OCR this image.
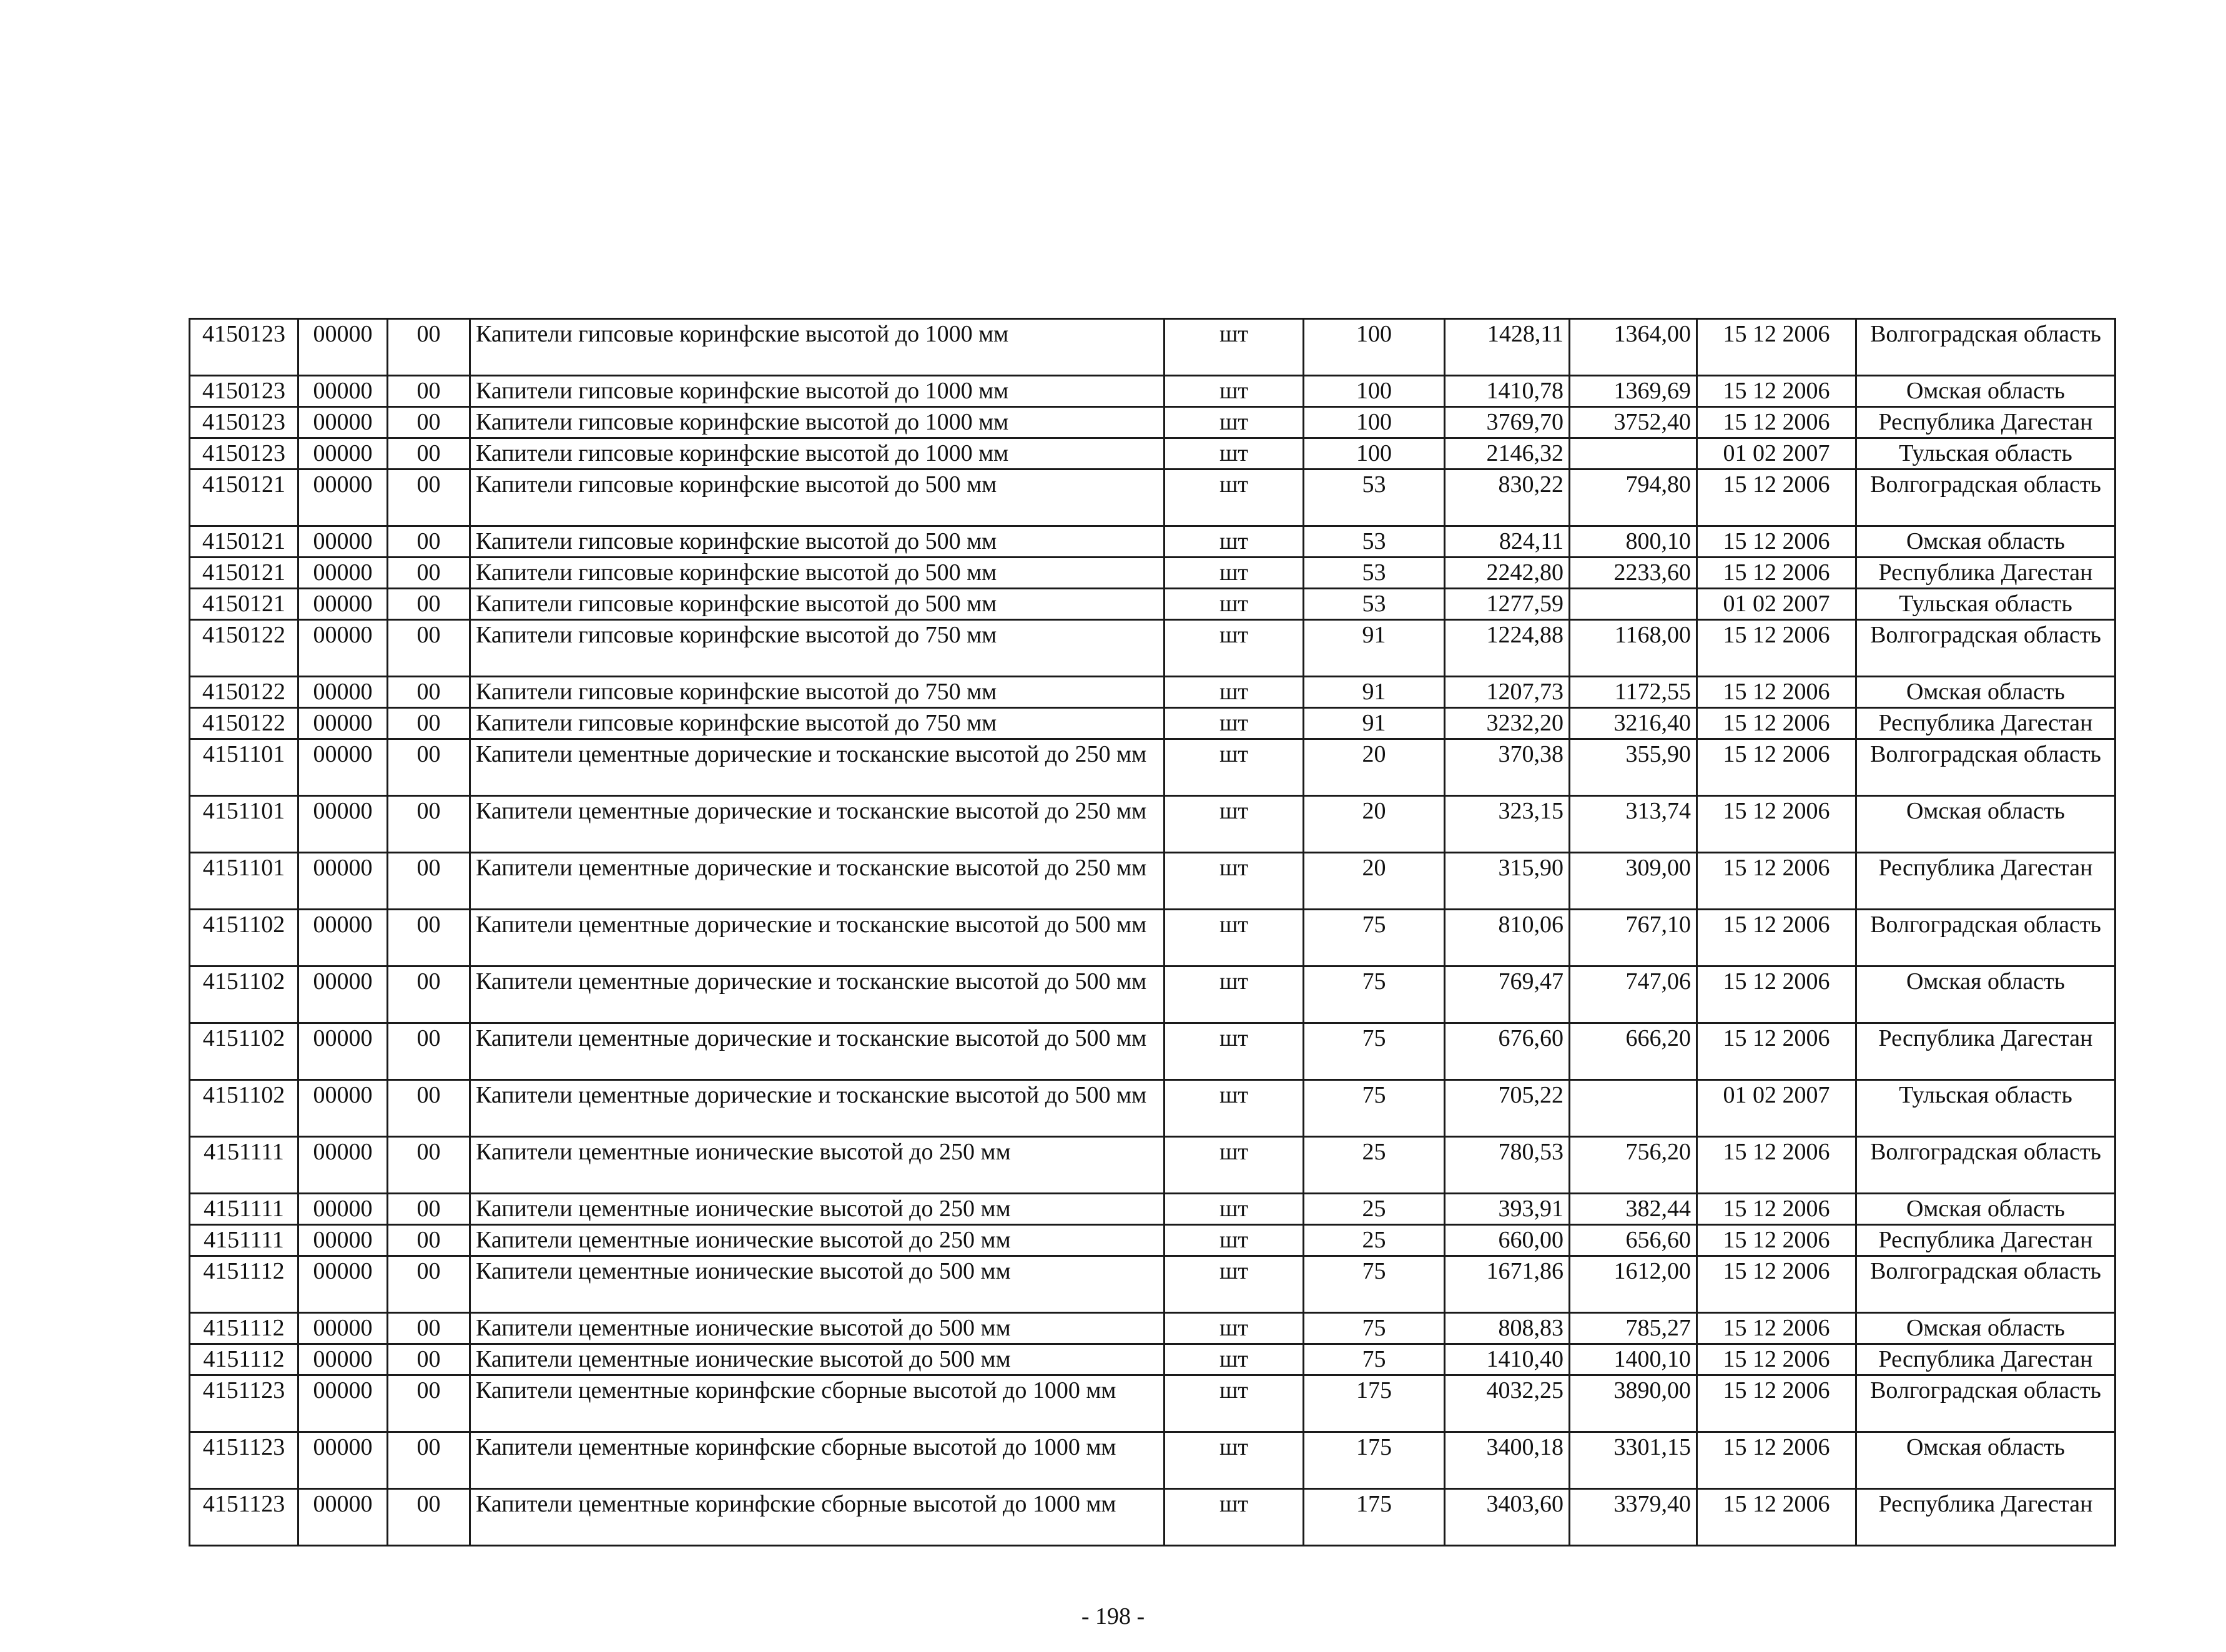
4150123	00000	00	Капители гипсовые коринфские высотой до 1000 мм	шт	100	1428,11	1364,00	15 12 2006	Волгоградская область
4150123	00000	00	Капители гипсовые коринфские высотой до 1000 мм	шт	100	1410,78	1369,69	15 12 2006	Омская область
4150123	00000	00	Капители гипсовые коринфские высотой до 1000 мм	шт	100	3769,70	3752,40	15 12 2006	Республика Дагестан
4150123	00000	00	Капители гипсовые коринфские высотой до 1000 мм	шт	100	2146,32		01 02 2007	Тульская область
4150121	00000	00	Капители гипсовые коринфские высотой до 500 мм	шт	53	830,22	794,80	15 12 2006	Волгоградская область
4150121	00000	00	Капители гипсовые коринфские высотой до 500 мм	шт	53	824,11	800,10	15 12 2006	Омская область
4150121	00000	00	Капители гипсовые коринфские высотой до 500 мм	шт	53	2242,80	2233,60	15 12 2006	Республика Дагестан
4150121	00000	00	Капители гипсовые коринфские высотой до 500 мм	шт	53	1277,59		01 02 2007	Тульская область
4150122	00000	00	Капители гипсовые коринфские высотой до 750 мм	шт	91	1224,88	1168,00	15 12 2006	Волгоградская область
4150122	00000	00	Капители гипсовые коринфские высотой до 750 мм	шт	91	1207,73	1172,55	15 12 2006	Омская область
4150122	00000	00	Капители гипсовые коринфские высотой до 750 мм	шт	91	3232,20	3216,40	15 12 2006	Республика Дагестан
4151101	00000	00	Капители цементные дорические и тосканские высотой до 250 мм	шт	20	370,38	355,90	15 12 2006	Волгоградская область
4151101	00000	00	Капители цементные дорические и тосканские высотой до 250 мм	шт	20	323,15	313,74	15 12 2006	Омская область
4151101	00000	00	Капители цементные дорические и тосканские высотой до 250 мм	шт	20	315,90	309,00	15 12 2006	Республика Дагестан
4151102	00000	00	Капители цементные дорические и тосканские высотой до 500 мм	шт	75	810,06	767,10	15 12 2006	Волгоградская область
4151102	00000	00	Капители цементные дорические и тосканские высотой до 500 мм	шт	75	769,47	747,06	15 12 2006	Омская область
4151102	00000	00	Капители цементные дорические и тосканские высотой до 500 мм	шт	75	676,60	666,20	15 12 2006	Республика Дагестан
4151102	00000	00	Капители цементные дорические и тосканские высотой до 500 мм	шт	75	705,22		01 02 2007	Тульская область
4151111	00000	00	Капители цементные ионические высотой до 250 мм	шт	25	780,53	756,20	15 12 2006	Волгоградская область
4151111	00000	00	Капители цементные ионические высотой до 250 мм	шт	25	393,91	382,44	15 12 2006	Омская область
4151111	00000	00	Капители цементные ионические высотой до 250 мм	шт	25	660,00	656,60	15 12 2006	Республика Дагестан
4151112	00000	00	Капители цементные ионические высотой до 500 мм	шт	75	1671,86	1612,00	15 12 2006	Волгоградская область
4151112	00000	00	Капители цементные ионические высотой до 500 мм	шт	75	808,83	785,27	15 12 2006	Омская область
4151112	00000	00	Капители цементные ионические высотой до 500 мм	шт	75	1410,40	1400,10	15 12 2006	Республика Дагестан
4151123	00000	00	Капители цементные коринфские сборные высотой до 1000 мм	шт	175	4032,25	3890,00	15 12 2006	Волгоградская область
4151123	00000	00	Капители цементные коринфские сборные высотой до 1000 мм	шт	175	3400,18	3301,15	15 12 2006	Омская область
4151123	00000	00	Капители цементные коринфские сборные высотой до 1000 мм	шт	175	3403,60	3379,40	15 12 2006	Республика Дагестан
- 198 -
